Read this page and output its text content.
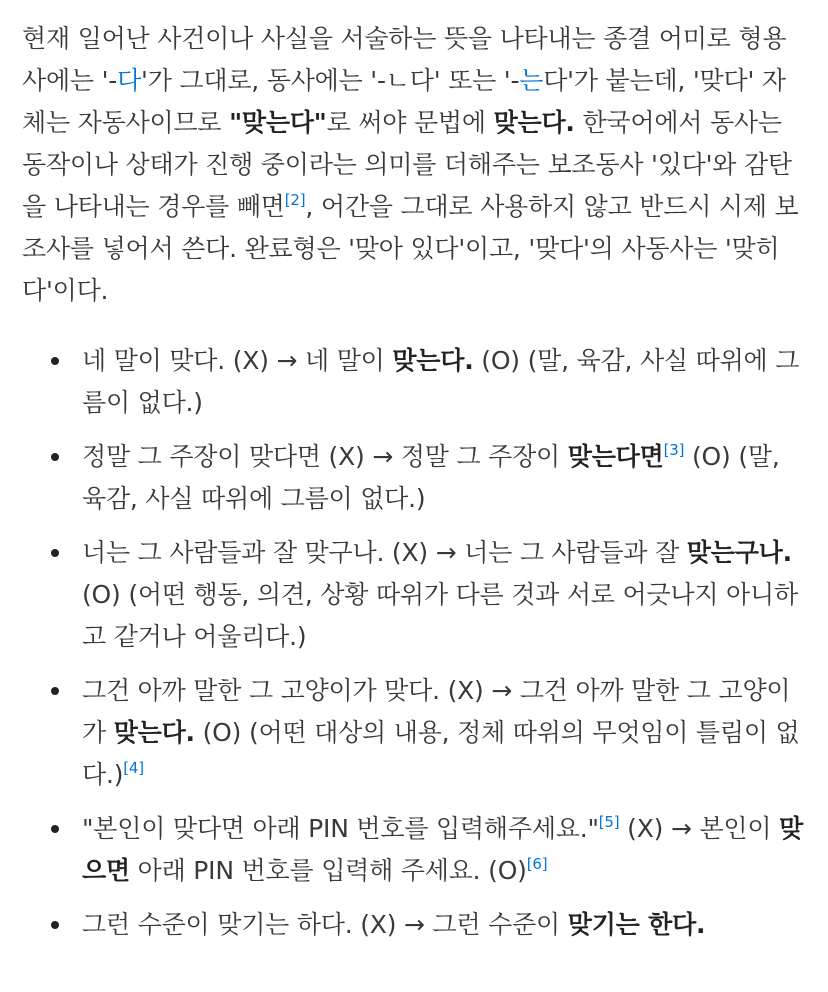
현재 일어난 사건이나 사실을 서술하는 뜻을 나타내는 종결 어미로 형용사에는 '-다'가 그대로, 동사에는 '-ㄴ다' 또는 '-는다'가 붙는데, '맞다' 자체는 자동사이므로 "맞는다"로 써야 문법에 맞는다. 한국어에서 동사는 동작이나 상태가 진행 중이라는 의미를 더해주는 보조동사 '있다'와 감탄을 나타내는 경우를 빼면[2], 어간을 그대로 사용하지 않고 반드시 시제 보조사를 넣어서 쓴다. 완료형은 '맞아 있다'이고, '맞다'의 사동사는 '맞히다'이다.

네 말이 맞다. (X) → 네 말이 맞는다. (O) (말, 육감, 사실 따위에 그름이 없다.)
정말 그 주장이 맞다면 (X) → 정말 그 주장이 맞는다면[3] (O) (말, 육감, 사실 따위에 그름이 없다.)
너는 그 사람들과 잘 맞구나. (X) → 너는 그 사람들과 잘 맞는구나. (O) (어떤 행동, 의견, 상황 따위가 다른 것과 서로 어긋나지 아니하고 같거나 어울리다.)
그건 아까 말한 그 고양이가 맞다. (X) → 그건 아까 말한 그 고양이가 맞는다. (O) (어떤 대상의 내용, 정체 따위의 무엇임이 틀림이 없다.)[4]
"본인이 맞다면 아래 PIN 번호를 입력해주세요."[5] (X) → 본인이 맞으면 아래 PIN 번호를 입력해 주세요. (O)[6]
그런 수준이 맞기는 하다. (X) → 그런 수준이 맞기는 한다.
